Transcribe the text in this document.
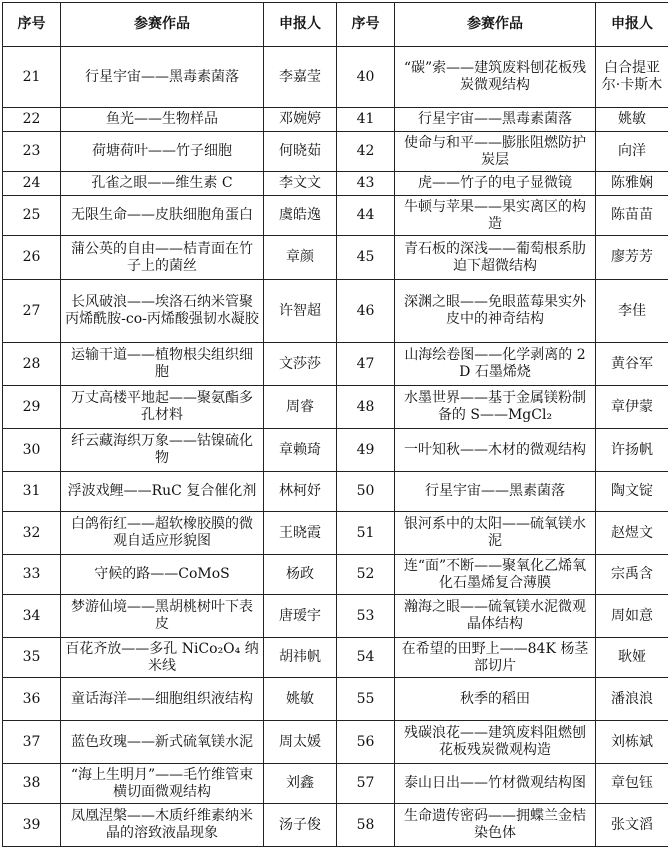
序号	参赛作品	申报人	序号	参赛作品	申报人
21	行星宇宙——黑毒素菌落	李嘉莹	40	“碳”索——建筑废料刨花板残炭微观结构	白合提亚尔·卡斯木
22	鱼光——生物样品	邓婉婷	41	行星宇宙——黑毒素菌落	姚敏
23	荷塘荷叶——竹子细胞	何晓茹	42	使命与和平——膨胀阻燃防护炭层	向洋
24	孔雀之眼——维生素 C	李文文	43	虎——竹子的电子显微镜	陈雅娴
25	无限生命——皮肤细胞角蛋白	虞皓逸	44	牛顿与苹果——果实离区的构造	陈苗苗
26	蒲公英的自由——桔青面在竹子上的菌丝	章颜	45	青石板的深浅——葡萄根系肋迫下超微结构	廖芳芳
27	长风破浪——埃洛石纳米管聚丙烯酰胺-co-丙烯酸强韧水凝胶	许智超	46	深渊之眼——免眼蓝莓果实外皮中的神奇结构	李佳
28	运输干道——植物根尖组织细胞	文莎莎	47	山海绘卷图——化学剥离的 2D 石墨烯烧	黄谷军
29	万丈高楼平地起——聚氨酯多孔材料	周睿	48	水墨世界——基于金属镁粉制备的 S——MgCl₂	章伊蒙
30	纤云藏海织万象——钴镍硫化物	章赖琦	49	一叶知秋——木材的微观结构	许扬帆
31	浮波戏鲤——RuC 复合催化剂	林柯妤	50	行星宇宙——黑素菌落	陶文锭
32	白鸽衔红——超软橡胶膜的微观自适应形貌图	王晓霞	51	银河系中的太阳——硫氧镁水泥	赵煜文
33	守候的路——CoMoS	杨政	52	连“面”不断——聚氧化乙烯氧化石墨烯复合薄膜	宗禹含
34	梦游仙境——黑胡桃树叶下表皮	唐瑷宇	53	瀚海之眼——硫氧镁水泥微观晶体结构	周如意
35	百花齐放——多孔 NiCo₂O₄ 纳米线	胡祎帆	54	在希望的田野上——84K 杨茎部切片	耿娅
36	童话海洋——细胞组织液结构	姚敏	55	秋季的稻田	潘浪浪
37	蓝色玫瑰——新式硫氧镁水泥	周太媛	56	残碳浪花——建筑废料阻燃刨花板残炭微观构造	刘栋斌
38	“海上生明月”——毛竹维管束横切面微观结构	刘鑫	57	泰山日出——竹材微观结构图	章包钰
39	凤凰涅槃——木质纤维素纳米晶的溶致液晶现象	汤子俊	58	生命遗传密码——拥蝶兰金桔染色体	张文滔
